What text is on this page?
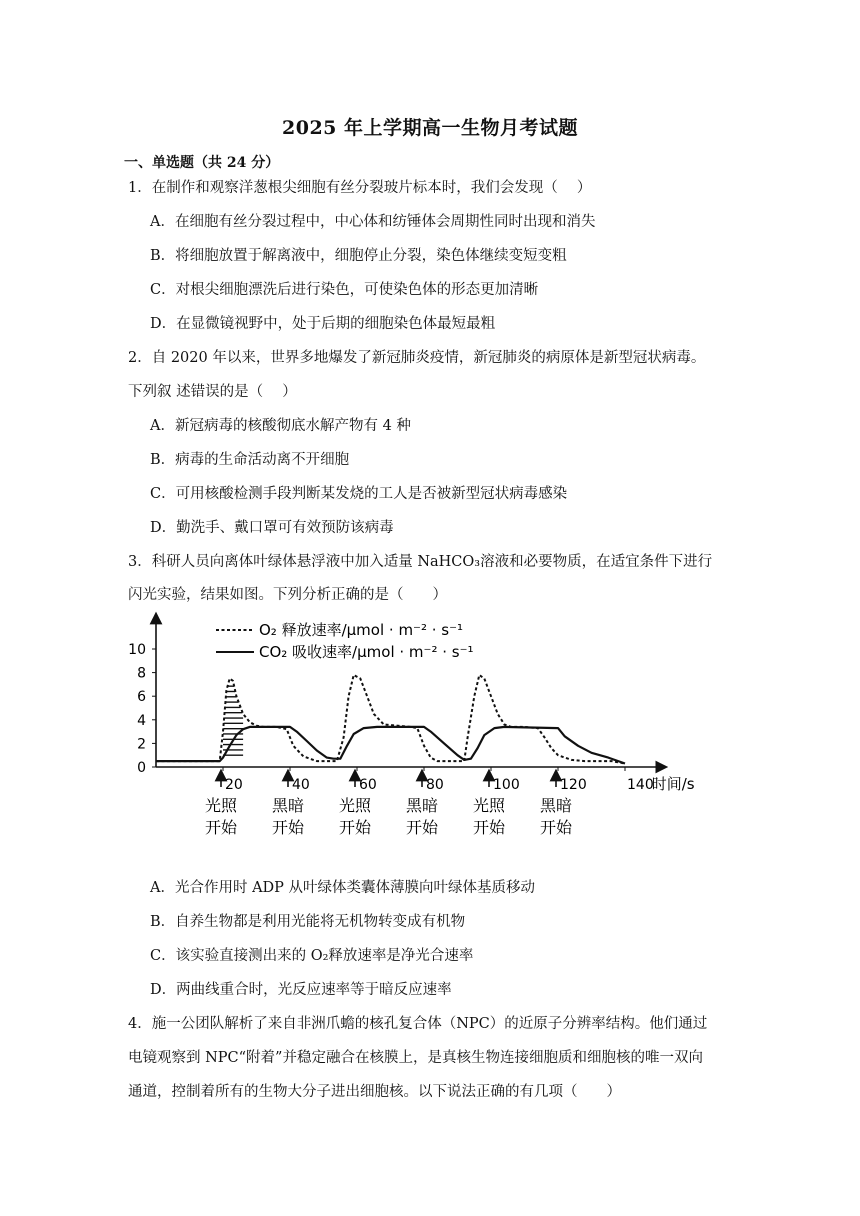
2025 年上学期高一生物月考试题
一、单选题（共 24 分）
1．在制作和观察洋葱根尖细胞有丝分裂玻片标本时，我们会发现（　 ）
A．在细胞有丝分裂过程中，中心体和纺锤体会周期性同时出现和消失
B．将细胞放置于解离液中，细胞停止分裂，染色体继续变短变粗
C．对根尖细胞漂洗后进行染色，可使染色体的形态更加清晰
D．在显微镜视野中，处于后期的细胞染色体最短最粗
2．自 2020 年以来，世界多地爆发了新冠肺炎疫情，新冠肺炎的病原体是新型冠状病毒。
下列叙 述错误的是（　 ）
A．新冠病毒的核酸彻底水解产物有 4 种
B．病毒的生命活动离不开细胞
C．可用核酸检测手段判断某发烧的工人是否被新型冠状病毒感染
D．勤洗手、戴口罩可有效预防该病毒
3．科研人员向离体叶绿体悬浮液中加入适量 NaHCO₃溶液和必要物质，在适宜条件下进行
闪光实验，结果如图。下列分析正确的是（　　）
0
2
4
6
8
10
20	40	60	80	100	120	140
时间/s
O₂ 释放速率/μmol · m⁻² · s⁻¹
CO₂ 吸收速率/μmol · m⁻² · s⁻¹
光照
开始
黑暗
开始
光照
开始
黑暗
开始
光照
开始
黑暗
开始
A．光合作用时 ADP 从叶绿体类囊体薄膜向叶绿体基质移动
B．自养生物都是利用光能将无机物转变成有机物
C．该实验直接测出来的 O₂释放速率是净光合速率
D．两曲线重合时，光反应速率等于暗反应速率
4．施一公团队解析了来自非洲爪蟾的核孔复合体（NPC）的近原子分辨率结构。他们通过
电镜观察到 NPC“附着”并稳定融合在核膜上，是真核生物连接细胞质和细胞核的唯一双向
通道，控制着所有的生物大分子进出细胞核。以下说法正确的有几项（　　）
